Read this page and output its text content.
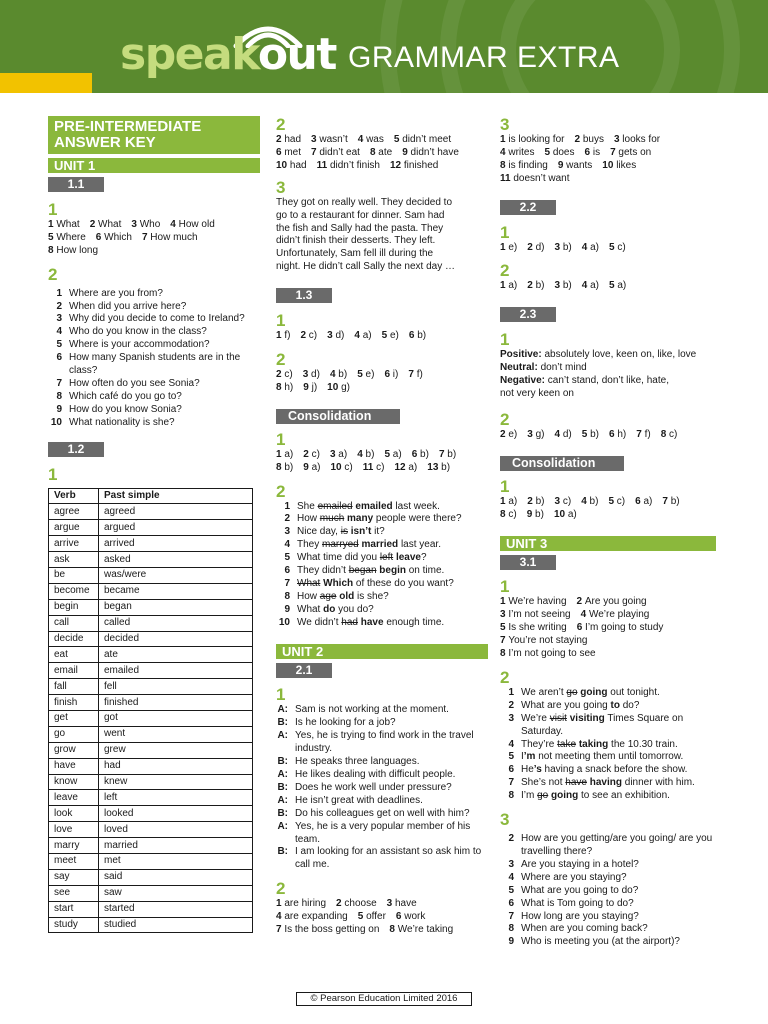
speakout GRAMMAR EXTRA
PRE-INTERMEDIATE
ANSWER KEY
UNIT 1
1.1
1
1 What  2 What  3 Who  4 How old
5 Where  6 Which  7 How much
8 How long
2
1 Where are you from?
2 When did you arrive here?
3 Why did you decide to come to Ireland?
4 Who do you know in the class?
5 Where is your accommodation?
6 How many Spanish students are in the class?
7 How often do you see Sonia?
8 Which café do you go to?
9 How do you know Sonia?
10 What nationality is she?
1.2
1
Verb	Past simple
agree	agreed
argue	argued
arrive	arrived
ask	asked
be	was/were
become	became
begin	began
call	called
decide	decided
eat	ate
email	emailed
fall	fell
finish	finished
get	got
go	went
grow	grew
have	had
know	knew
leave	left
look	looked
love	loved
marry	married
meet	met
say	said
see	saw
start	started
study	studied
2
2 had  3 wasn’t  4 was  5 didn’t meet
6 met  7 didn’t eat  8 ate  9 didn’t have
10 had  11 didn’t finish  12 finished
3
They got on really well. They decided to
go to a restaurant for dinner. Sam had
the fish and Sally had the pasta. They
didn’t finish their desserts. They left.
Unfortunately, Sam fell ill during the
night. He didn’t call Sally the next day …
1.3
1
1 f)  2 c)  3 d)  4 a)  5 e)  6 b)
2
2 c)  3 d)  4 b)  5 e)  6 i)  7 f)
8 h)  9 j)  10 g)
Consolidation
1
1 a)  2 c)  3 a)  4 b)  5 a)  6 b)  7 b)
8 b)  9 a)  10 c)  11 c)  12 a)  13 b)
2
1 She emailed emailed last week.
2 How much many people were there?
3 Nice day, is isn’t it?
4 They marryed married last year.
5 What time did you left leave?
6 They didn’t began begin on time.
7 What Which of these do you want?
8 How age old is she?
9 What do you do?
10 We didn’t had have enough time.
UNIT 2
2.1
1
A: Sam is not working at the moment.
B: Is he looking for a job?
A: Yes, he is trying to find work in the travel industry.
B: He speaks three languages.
A: He likes dealing with difficult people.
B: Does he work well under pressure?
A: He isn’t great with deadlines.
B: Do his colleagues get on well with him?
A: Yes, he is a very popular member of his team.
B: I am looking for an assistant so ask him to call me.
2
1 are hiring  2 choose  3 have
4 are expanding  5 offer  6 work
7 Is the boss getting on  8 We’re taking
3
1 is looking for  2 buys  3 looks for
4 writes  5 does  6 is  7 gets on
8 is finding  9 wants  10 likes
11 doesn’t want
2.2
1
1 e)  2 d)  3 b)  4 a)  5 c)
2
1 a)  2 b)  3 b)  4 a)  5 a)
2.3
1
Positive: absolutely love, keen on, like, love
Neutral: don’t mind
Negative: can’t stand, don’t like, hate,
not very keen on
2
2 e)  3 g)  4 d)  5 b)  6 h)  7 f)  8 c)
Consolidation
1
1 a)  2 b)  3 c)  4 b)  5 c)  6 a)  7 b)
8 c)  9 b)  10 a)
UNIT 3
3.1
1
1 We’re having  2 Are you going
3 I’m not seeing  4 We’re playing
5 Is she writing  6 I’m going to study
7 You’re not staying
8 I’m not going to see
2
1 We aren’t go going out tonight.
2 What are you going to do?
3 We’re visit visiting Times Square on Saturday.
4 They’re take taking the 10.30 train.
5 I’m not meeting them until tomorrow.
6 He’s having a snack before the show.
7 She’s not have having dinner with him.
8 I’m go going to see an exhibition.
3
2 How are you getting/are you going/ are you travelling there?
3 Are you staying in a hotel?
4 Where are you staying?
5 What are you going to do?
6 What is Tom going to do?
7 How long are you staying?
8 When are you coming back?
9 Who is meeting you (at the airport)?
© Pearson Education Limited 2016
